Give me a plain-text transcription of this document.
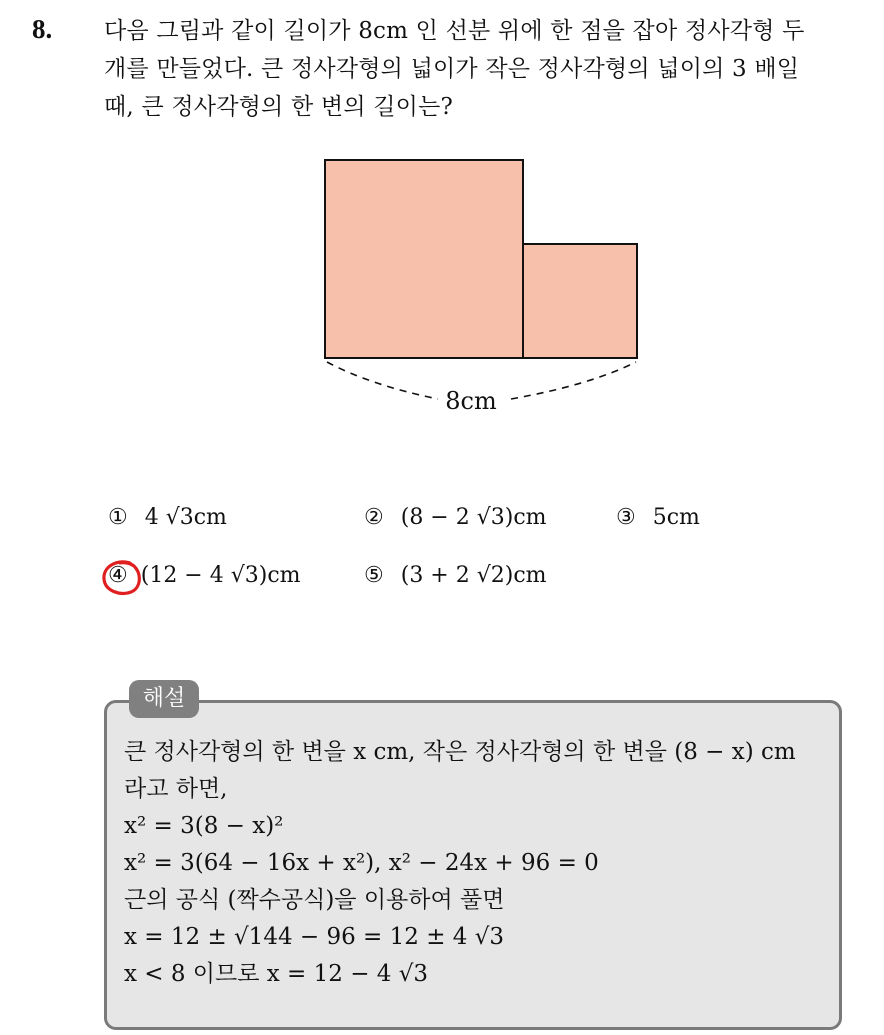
8. 다음 그림과 같이 길이가 8cm 인 선분 위에 한 점을 잡아 정사각형 두
개를 만들었다. 큰 정사각형의 넓이가 작은 정사각형의 넓이의 3 배일
때, 큰 정사각형의 한 변의 길이는?
8cm
① 4 √3cm	② (8 − 2 √3)cm	③ 5cm
④ (12 − 4 √3)cm	⑤ (3 + 2 √2)cm
해설
큰 정사각형의 한 변을 x cm, 작은 정사각형의 한 변을 (8 − x) cm
라고 하면,
x² = 3(8 − x)²
x² = 3(64 − 16x + x²), x² − 24x + 96 = 0
근의 공식 (짝수공식)을 이용하여 풀면
x = 12 ± √144 − 96 = 12 ± 4 √3
x < 8 이므로 x = 12 − 4 √3
